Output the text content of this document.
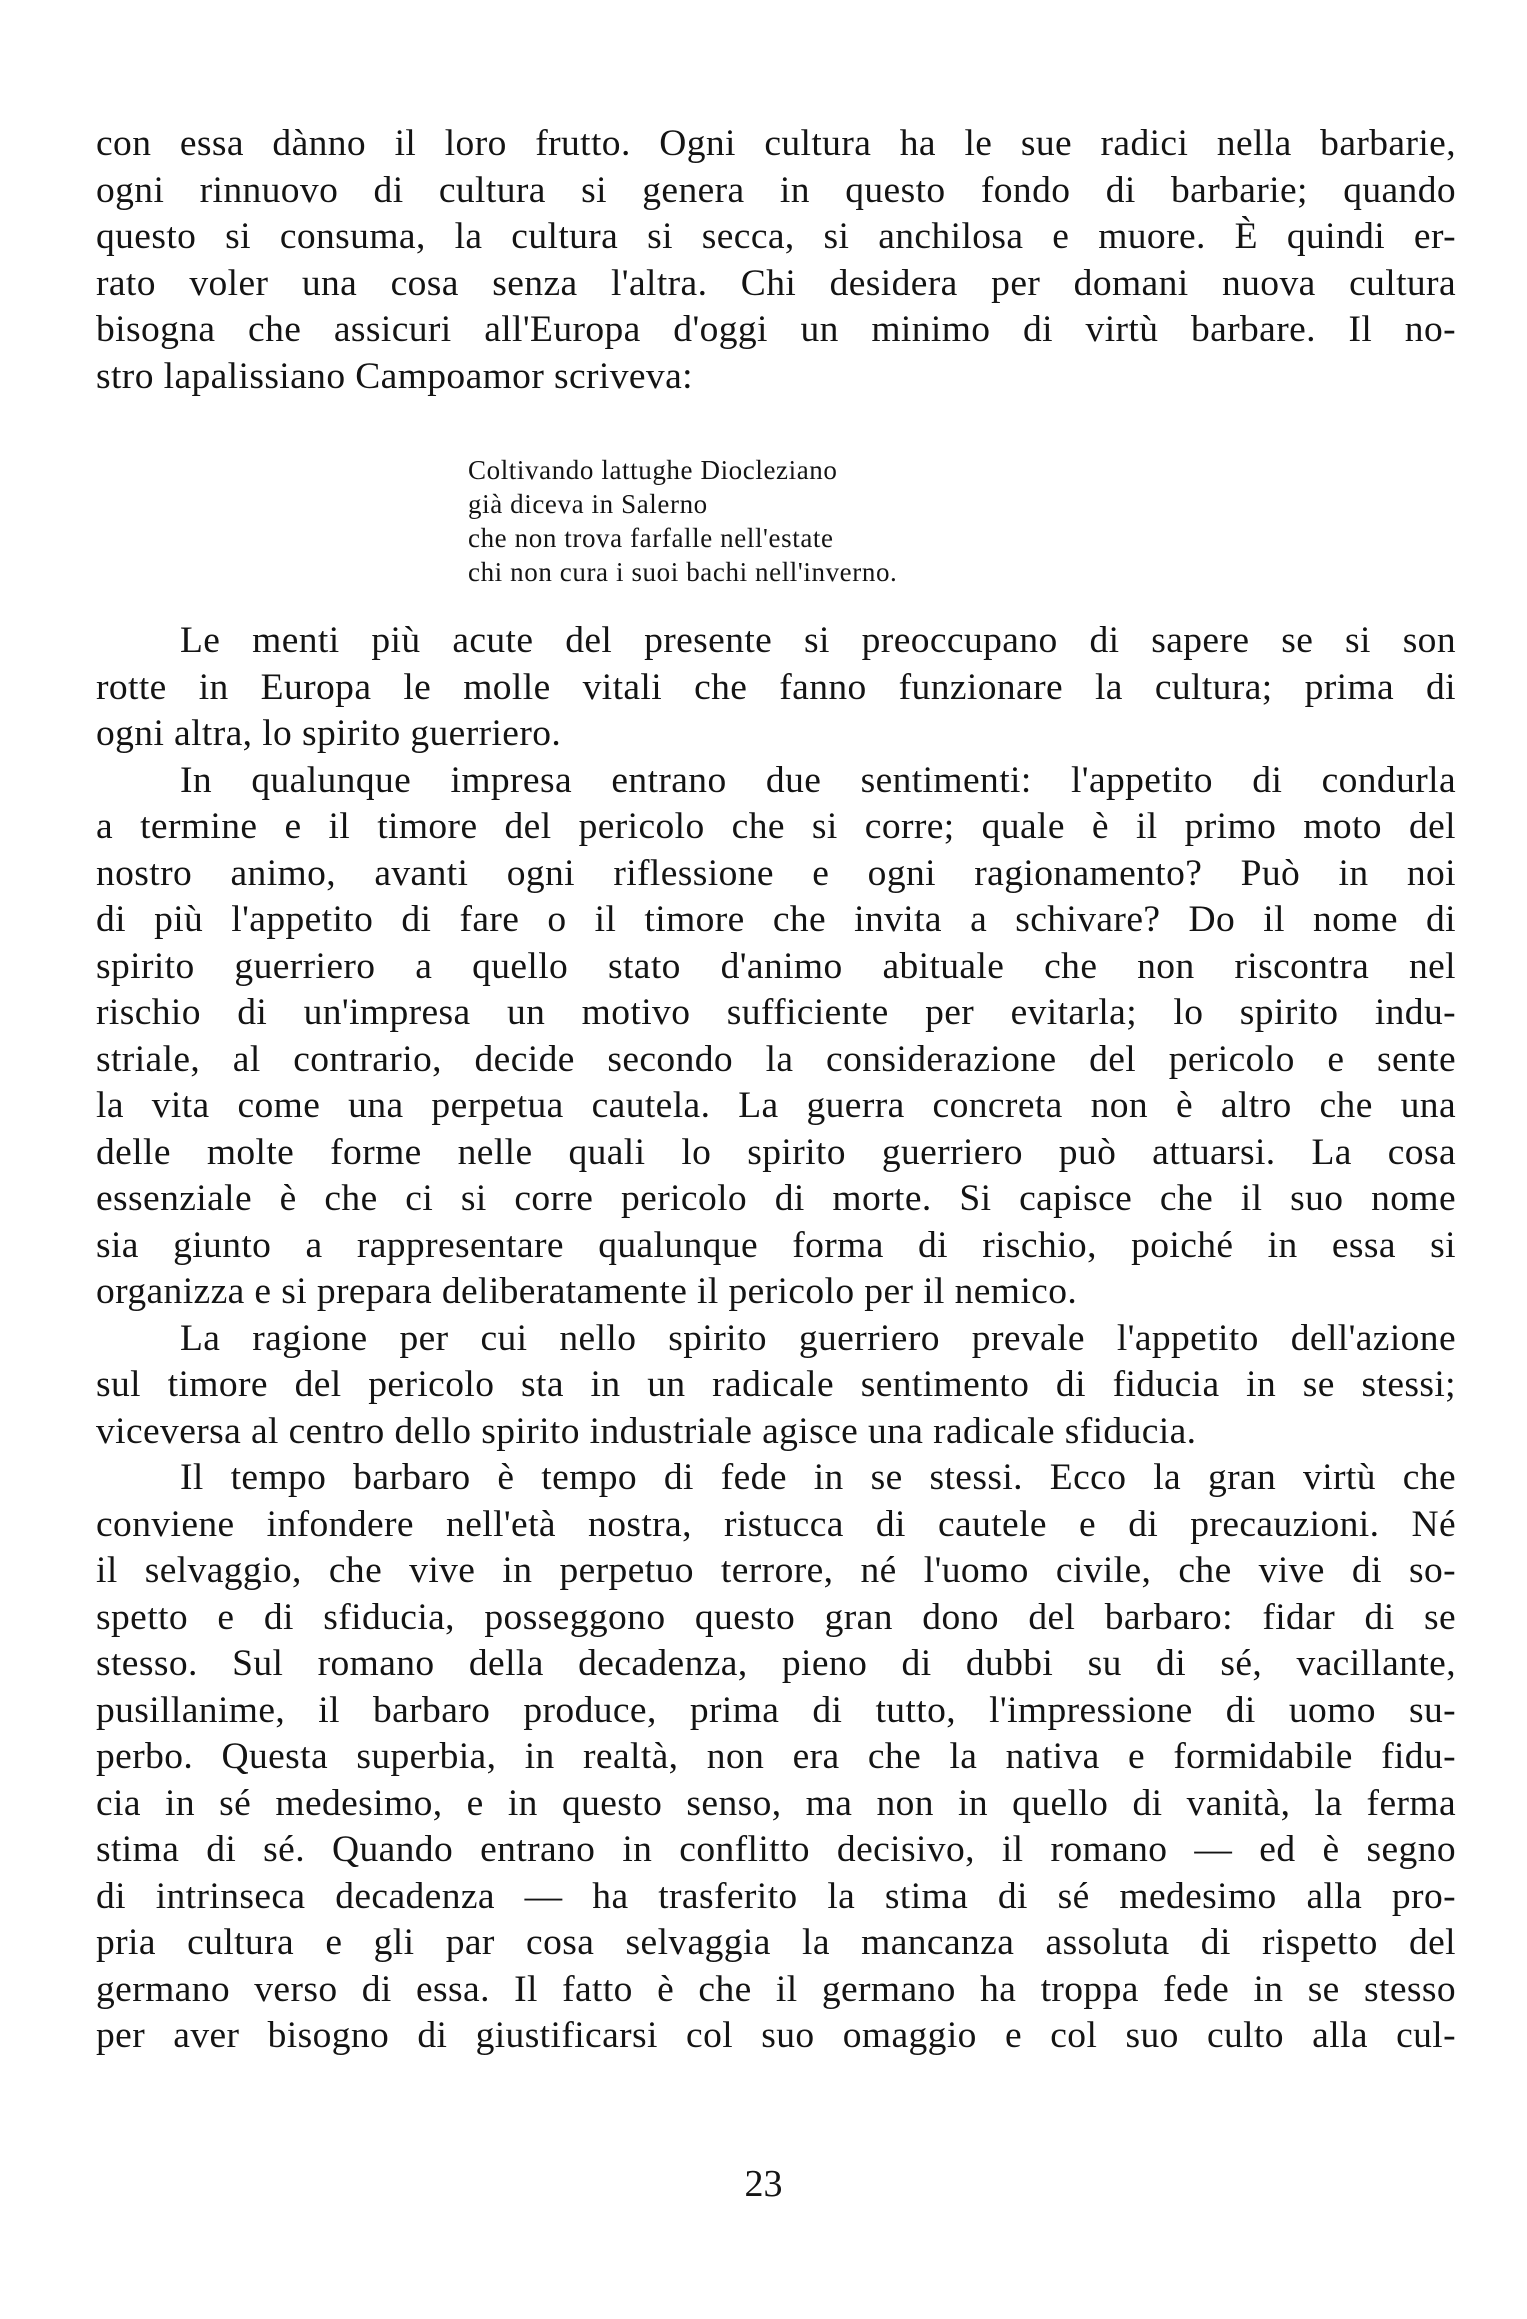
con essa dànno il loro frutto. Ogni cultura ha le sue radici nella barbarie,
ogni rinnuovo di cultura si genera in questo fondo di barbarie; quando
questo si consuma, la cultura si secca, si anchilosa e muore. È quindi er-
rato voler una cosa senza l'altra. Chi desidera per domani nuova cultura
bisogna che assicuri all'Europa d'oggi un minimo di virtù barbare. Il no-
stro lapalissiano Campoamor scriveva:
Coltivando lattughe Diocleziano
già diceva in Salerno
che non trova farfalle nell'estate
chi non cura i suoi bachi nell'inverno.
Le menti più acute del presente si preoccupano di sapere se si son
rotte in Europa le molle vitali che fanno funzionare la cultura; prima di
ogni altra, lo spirito guerriero.
In qualunque impresa entrano due sentimenti: l'appetito di condurla
a termine e il timore del pericolo che si corre; quale è il primo moto del
nostro animo, avanti ogni riflessione e ogni ragionamento? Può in noi
di più l'appetito di fare o il timore che invita a schivare? Do il nome di
spirito guerriero a quello stato d'animo abituale che non riscontra nel
rischio di un'impresa un motivo sufficiente per evitarla; lo spirito indu-
striale, al contrario, decide secondo la considerazione del pericolo e sente
la vita come una perpetua cautela. La guerra concreta non è altro che una
delle molte forme nelle quali lo spirito guerriero può attuarsi. La cosa
essenziale è che ci si corre pericolo di morte. Si capisce che il suo nome
sia giunto a rappresentare qualunque forma di rischio, poiché in essa si
organizza e si prepara deliberatamente il pericolo per il nemico.
La ragione per cui nello spirito guerriero prevale l'appetito dell'azione
sul timore del pericolo sta in un radicale sentimento di fiducia in se stessi;
viceversa al centro dello spirito industriale agisce una radicale sfiducia.
Il tempo barbaro è tempo di fede in se stessi. Ecco la gran virtù che
conviene infondere nell'età nostra, ristucca di cautele e di precauzioni. Né
il selvaggio, che vive in perpetuo terrore, né l'uomo civile, che vive di so-
spetto e di sfiducia, posseggono questo gran dono del barbaro: fidar di se
stesso. Sul romano della decadenza, pieno di dubbi su di sé, vacillante,
pusillanime, il barbaro produce, prima di tutto, l'impressione di uomo su-
perbo. Questa superbia, in realtà, non era che la nativa e formidabile fidu-
cia in sé medesimo, e in questo senso, ma non in quello di vanità, la ferma
stima di sé. Quando entrano in conflitto decisivo, il romano — ed è segno
di intrinseca decadenza — ha trasferito la stima di sé medesimo alla pro-
pria cultura e gli par cosa selvaggia la mancanza assoluta di rispetto del
germano verso di essa. Il fatto è che il germano ha troppa fede in se stesso
per aver bisogno di giustificarsi col suo omaggio e col suo culto alla cul-
23
